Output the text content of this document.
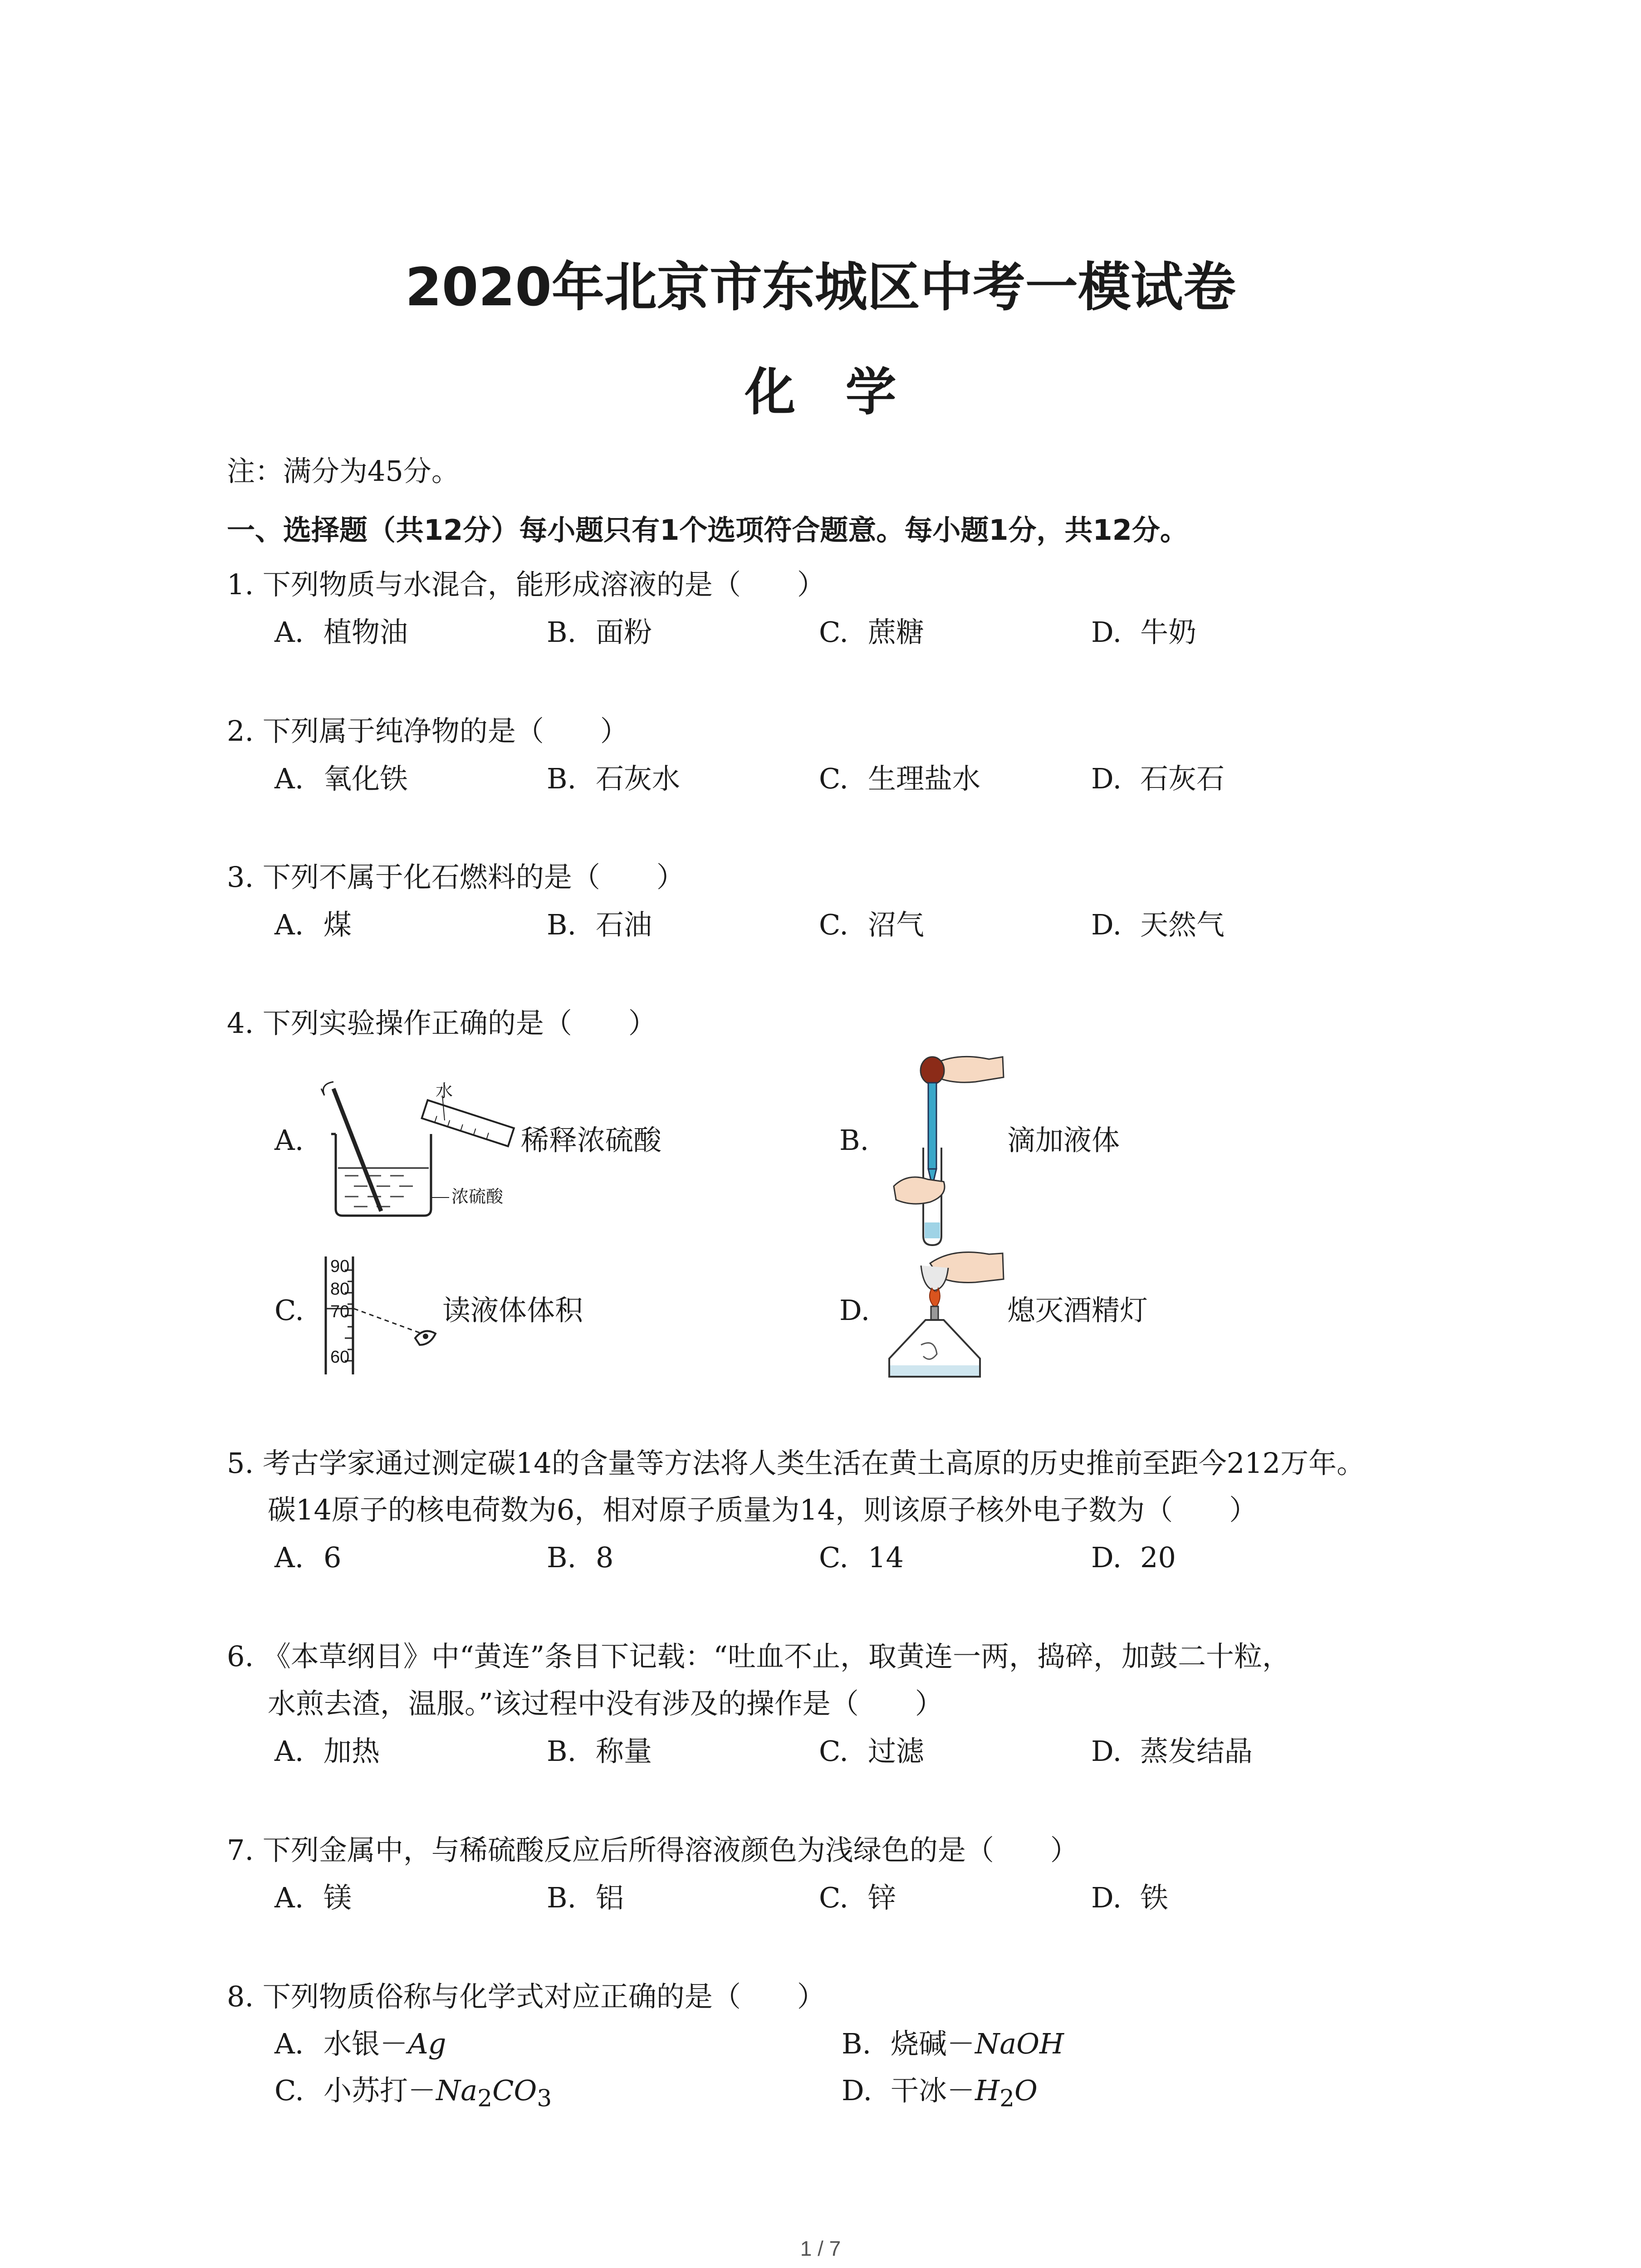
2020年北京市东城区中考一模试卷
化学
注：满分为45分。
一、选择题（共12分）每小题只有1个选项符合题意。每小题1分，共12分。
1. 下列物质与水混合，能形成溶液的是（　　）
A. 植物油	B. 面粉	C. 蔗糖	D. 牛奶
2. 下列属于纯净物的是（　　）
A. 氧化铁	B. 石灰水	C. 生理盐水	D. 石灰石
3. 下列不属于化石燃料的是（　　）
A. 煤	B. 石油	C. 沼气	D. 天然气
4. 下列实验操作正确的是（　　）
A.
水
浓硫酸
稀释浓硫酸	B.	滴加液体
C.
90
80
70
60
读液体体积	D.	熄灭酒精灯
5. 考古学家通过测定碳14的含量等方法将人类生活在黄土高原的历史推前至距今212万年。
碳14原子的核电荷数为6，相对原子质量为14，则该原子核外电子数为（　　）
A. 6	B. 8	C. 14	D. 20
6. 《本草纲目》中“黄连”条目下记载：“吐血不止，取黄连一两，捣碎，加鼓二十粒，
水煎去渣，温服。”该过程中没有涉及的操作是（　　）
A. 加热	B. 称量	C. 过滤	D. 蒸发结晶
7. 下列金属中，与稀硫酸反应后所得溶液颜色为浅绿色的是（　　）
A. 镁	B. 铝	C. 锌	D. 铁
8. 下列物质俗称与化学式对应正确的是（　　）
A. 水银－Ag	B. 烧碱－NaOH
C. 小苏打$-Na_2CO_3$	D. 干冰$-H_2O$
1 / 7
